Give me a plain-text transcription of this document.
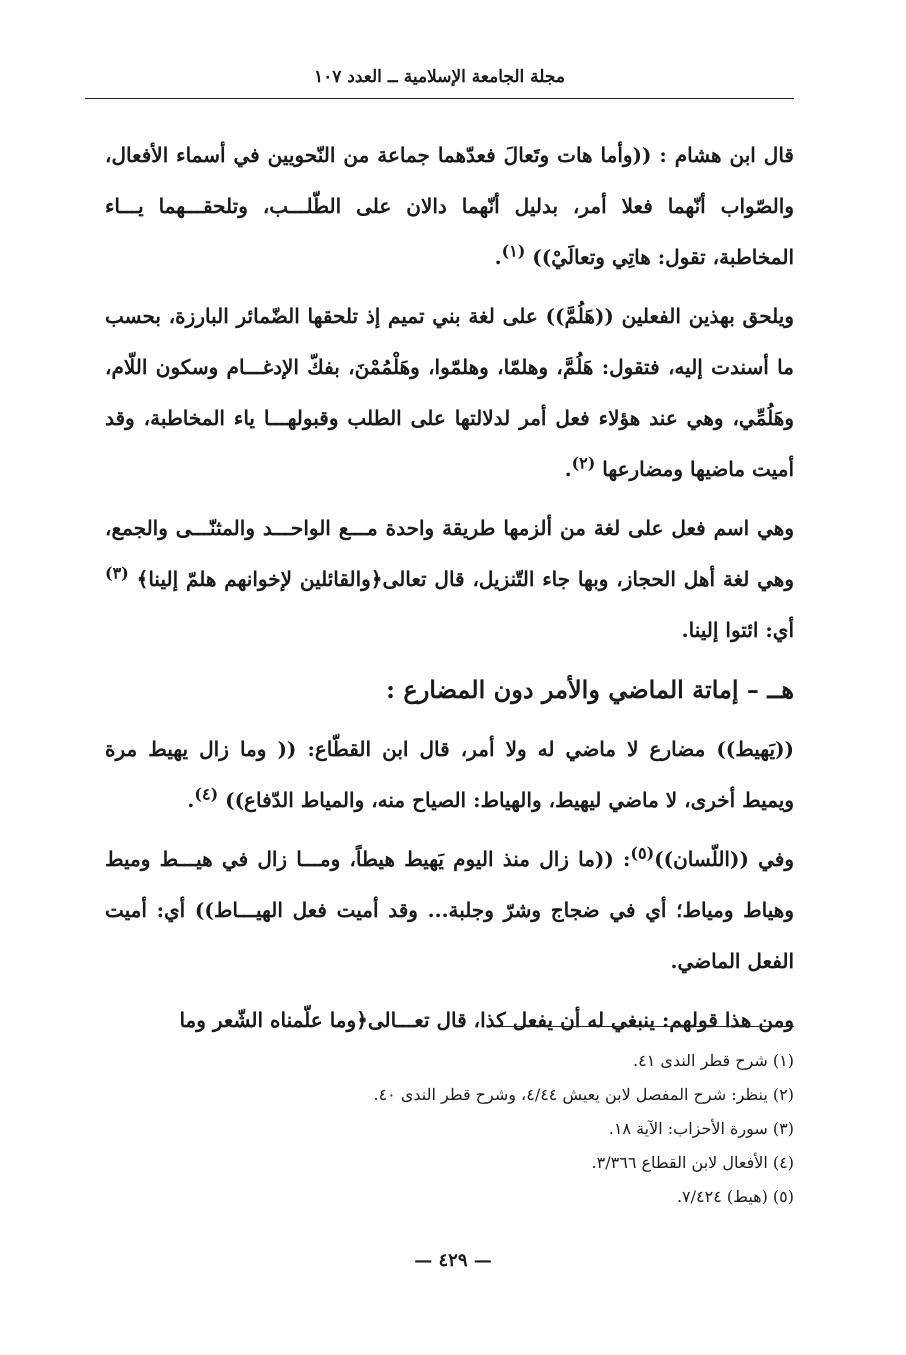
مجلة الجامعة الإسلامية ــ العدد ١٠٧

قال ابن هشام : ((وأما هات وتَعالَ فعدّهما جماعة من النّحويين في أسماء الأفعال، والصّواب أنّهما فعلا أمر، بدليل أنّهما دالان على الطّلـــب، وتلحقـــهما يـــاء المخاطبة، تقول: هاتِي وتعالَيْ)) $^{(١)}$.

ويلحق بهذين الفعلين ((هَلُمَّ)) على لغة بني تميم إذ تلحقها الضّمائر البارزة، بحسب ما أسندت إليه، فتقول: هَلُمَّ، وهلمّا، وهلمّوا، وهَلْمُمْنَ، بفكّ الإدغـــام وسكون اللّام، وهَلُمِّي، وهي عند هؤلاء فعل أمر لدلالتها على الطلب وقبولهـــا ياء المخاطبة، وقد أميت ماضيها ومضارعها $^{(٢)}$.

وهي اسم فعل على لغة من ألزمها طريقة واحدة مـــع الواحـــد والمثنّـــى والجمع، وهي لغة أهل الحجاز، وبها جاء التّنزيل، قال تعالى﴿والقائلين لإخوانهم هلمّ إلينا﴾ $^{(٣)}$ أي: ائتوا إلينا.

هــ – إماتة الماضي والأمر دون المضارع :

((يَهيط)) مضارع لا ماضي له ولا أمر، قال ابن القطّاع: (( وما زال يهيط مرة ويميط أخرى، لا ماضي ليهيط، والهياط: الصياح منه، والمياط الدّفاع)) $^{(٤)}$.

وفي ((اللّسان))$^{(٥)}$: ((ما زال منذ اليوم يَهيط هيطاً، ومـــا زال في هيـــط وميط وهياط ومياط؛ أي في ضجاج وشرّ وجلبة... وقد أميت فعل الهيـــاط)) أي: أميت الفعل الماضي.

ومن هذا قولهم: ينبغي له أن يفعل كذا، قال تعـــالى﴿وما علّمناه الشّعر وما

(١) شرح قطر الندى ٤١.

(٢) ينظر: شرح المفصل لابن يعيش ٤/٤٤، وشرح قطر الندى ٤٠.

(٣) سورة الأحزاب: الآية ١٨.

(٤) الأفعال لابن القطاع ٣/٣٦٦.

(٥) (هيط) ٧/٤٢٤.

— ٤٢٩ —
